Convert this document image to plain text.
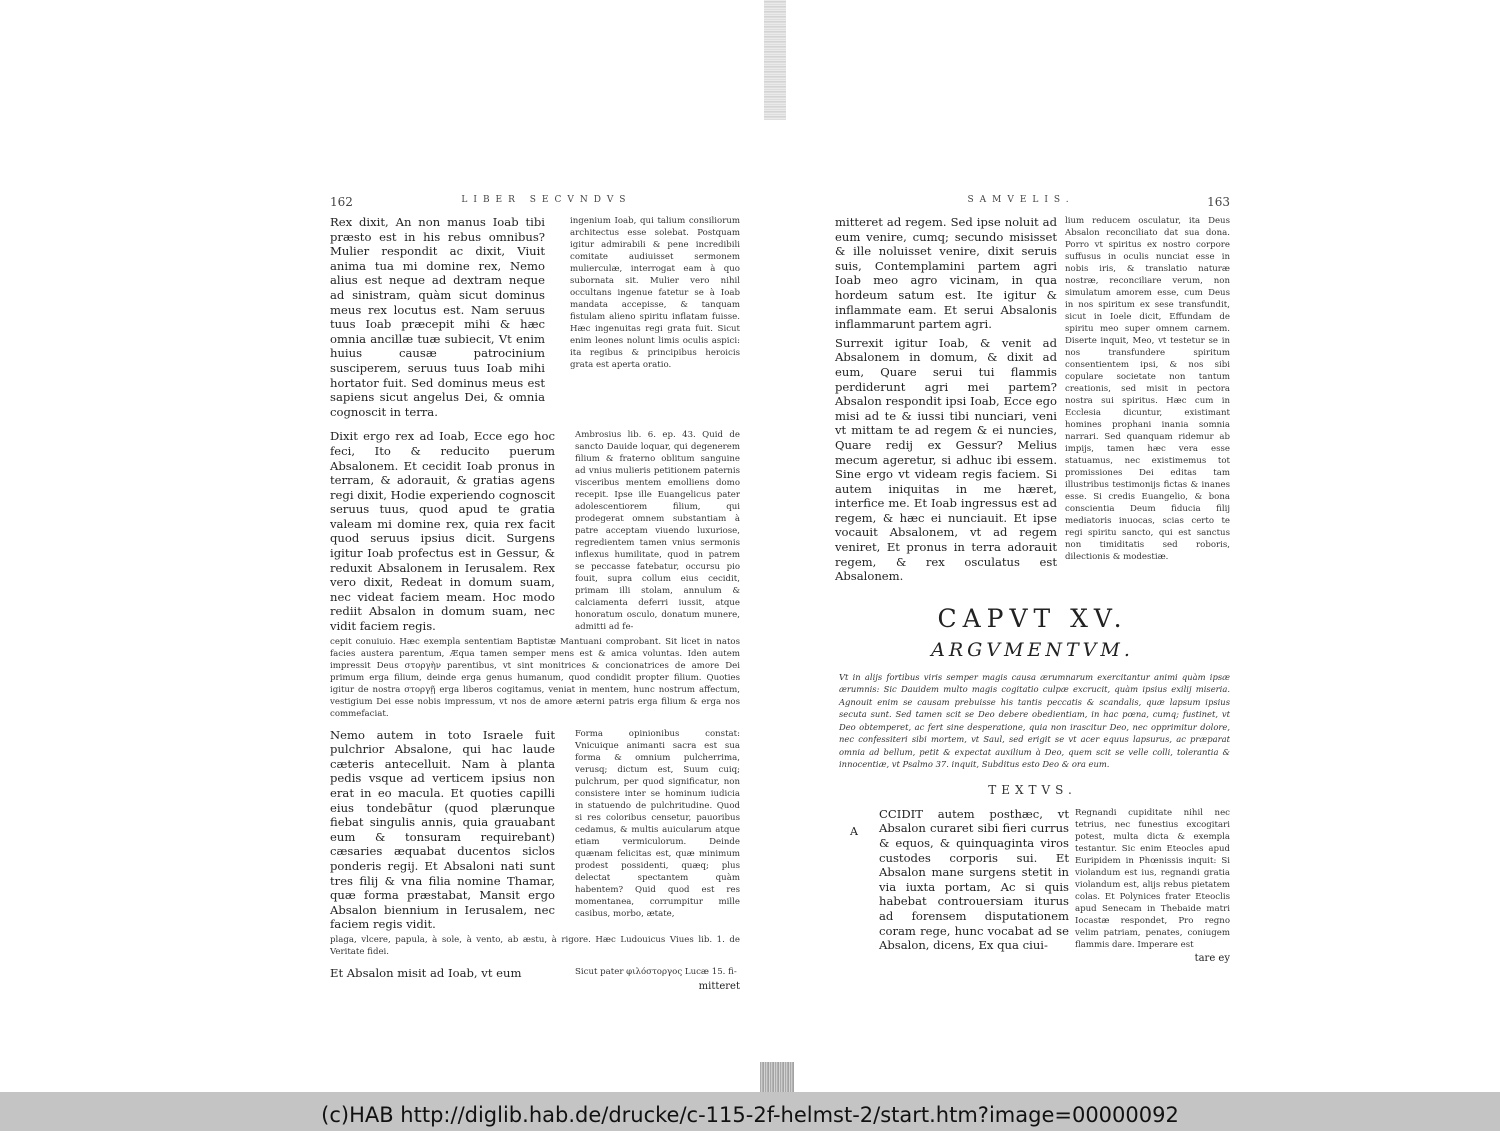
162	LIBER SECVNDVS
Rex dixit, An non manus Ioab tibi præsto est in his rebus omnibus? Mulier respondit ac dixit, Viuit anima tua mi domine rex, Nemo alius est neque ad dextram neque ad sinistram, quàm sicut dominus meus rex locutus est. Nam seruus tuus Ioab præcepit mihi & hæc omnia ancillæ tuæ subiecit, Vt enim huius causæ patrocinium susciperem, seruus tuus Ioab mihi hortator fuit. Sed dominus meus est sapiens sicut angelus Dei, & omnia cognoscit in terra.
ingenium Ioab, qui talium consiliorum architectus esse solebat. Postquam igitur admirabili & pene incredibili comitate audiuisset sermonem mulierculæ, interrogat eam à quo subornata sit. Mulier vero nihil occultans ingenue fatetur se à Ioab mandata accepisse, & tanquam fistulam alieno spiritu inflatam fuisse. Hæc ingenuitas regi grata fuit. Sicut enim leones nolunt limis oculis aspici: ita regibus & principibus heroicis grata est aperta oratio.
Dixit ergo rex ad Ioab, Ecce ego hoc feci, Ito & reducito puerum Absalonem. Et cecidit Ioab pronus in terram, & adorauit, & gratias agens regi dixit, Hodie experiendo cognoscit seruus tuus, quod apud te gratia valeam mi domine rex, quia rex facit quod seruus ipsius dicit. Surgens igitur Ioab profectus est in Gessur, & reduxit Absalonem in Ierusalem. Rex vero dixit, Redeat in domum suam, nec videat faciem meam. Hoc modo rediit Absalon in domum suam, nec vidit faciem regis.
Ambrosius lib. 6. ep. 43. Quid de sancto Dauide loquar, qui degenerem filium & fraterno oblitum sanguine ad vnius mulieris petitionem paternis visceribus mentem emolliens domo recepit. Ipse ille Euangelicus pater adolescentiorem filium, qui prodegerat omnem substantiam à patre acceptam viuendo luxuriose, regredientem tamen vnius sermonis inflexus humilitate, quod in patrem se peccasse fatebatur, occursu pio fouit, supra collum eius cecidit, primam illi stolam, annulum & calciamenta deferri iussit, atque honoratum osculo, donatum munere, admitti ad fe-
cepit conuiuio. Hæc exempla sententiam Baptistæ Mantuani comprobant. Sit licet in natos facies austera parentum, Æqua tamen semper mens est & amica voluntas. Iden autem impressit Deus στοργὴν parentibus, vt sint monitrices & concionatrices de amore Dei primum erga filium, deinde erga genus humanum, quod condidit propter filium. Quoties igitur de nostra στοργῇ erga liberos cogitamus, veniat in mentem, hunc nostrum affectum, vestigium Dei esse nobis impressum, vt nos de amore æterni patris erga filium & erga nos commefaciat.
Nemo autem in toto Israele fuit pulchrior Absalone, qui hac laude cæteris antecelluit. Nam à planta pedis vsque ad verticem ipsius non erat in eo macula. Et quoties capilli eius tondebātur (quod plærunque fiebat singulis annis, quia grauabant eum & tonsuram requirebant) cæsaries æquabat ducentos siclos ponderis regij. Et Absaloni nati sunt tres filij & vna filia nomine Thamar, quæ forma præstabat, Mansit ergo Absalon biennium in Ierusalem, nec faciem regis vidit.
Forma opinionibus constat: Vnicuique animanti sacra est sua forma & omnium pulcherrima, verusq; dictum est, Suum cuiq; pulchrum, per quod significatur, non consistere inter se hominum iudicia in statuendo de pulchritudine. Quod si res coloribus censetur, pauoribus cedamus, & multis auicularum atque etiam vermiculorum. Deinde quænam felicitas est, quæ minimum prodest possidenti, quæq; plus delectat spectantem quàm habentem? Quid quod est res momentanea, corrumpitur mille casibus, morbo, ætate,
plaga, vlcere, papula, à sole, à vento, ab æstu, à rigore. Hæc Ludouicus Viues lib. 1. de Veritate fidei.
Et Absalon misit ad Ioab, vt eum	Sicut pater φιλόστοργος Lucæ 15. fi-
mitteret
SAMVELIS.	163
mitteret ad regem. Sed ipse noluit ad eum venire, cumq; secundo misisset & ille noluisset venire, dixit seruis suis, Contemplamini partem agri Ioab meo agro vicinam, in qua hordeum satum est. Ite igitur & inflammate eam. Et serui Absalonis inflammarunt partem agri.
Surrexit igitur Ioab, & venit ad Absalonem in domum, & dixit ad eum, Quare serui tui flammis perdiderunt agri mei partem? Absalon respondit ipsi Ioab, Ecce ego misi ad te & iussi tibi nunciari, veni vt mittam te ad regem & ei nuncies, Quare redij ex Gessur? Melius mecum ageretur, si adhuc ibi essem. Sine ergo vt videam regis faciem. Si autem iniquitas in me hæret, interfice me. Et Ioab ingressus est ad regem, & hæc ei nunciauit. Et ipse vocauit Absalonem, vt ad regem veniret, Et pronus in terra adorauit regem, & rex osculatus est Absalonem.
lium reducem osculatur, ita Deus Absalon reconciliato dat sua dona. Porro vt spiritus ex nostro corpore suffusus in oculis nunciat esse in nobis iris, & translatio naturæ nostræ, reconciliare verum, non simulatum amorem esse, cum Deus in nos spiritum ex sese transfundit, sicut in Ioele dicit, Effundam de spiritu meo super omnem carnem. Diserte inquit, Meo, vt testetur se in nos transfundere spiritum consentientem ipsi, & nos sibi copulare societate non tantum creationis, sed misit in pectora nostra sui spiritus. Hæc cum in Ecclesia dicuntur, existimant homines prophani inania somnia narrari. Sed quanquam ridemur ab impijs, tamen hæc vera esse statuamus, nec existimemus tot promissiones Dei editas tam illustribus testimonijs fictas & inanes esse. Si credis Euangelio, & bona conscientia Deum fiducia filij mediatoris inuocas, scias certo te regi spiritu sancto, qui est sanctus non timiditatis sed roboris, dilectionis & modestiæ.
CAPVT XV.
ARGVMENTVM.
Vt in alijs fortibus viris semper magis causa ærumnarum exercitantur animi quàm ipsæ ærumnis: Sic Dauidem multo magis cogitatio culpæ excrucit, quàm ipsius exilij miseria. Agnouit enim se causam prebuisse his tantis peccatis & scandalis, quæ lapsum ipsius secuta sunt. Sed tamen scit se Deo debere obedientiam, in hac pœna, cumq; fustinet, vt Deo obtemperet, ac fert sine desperatione, quia non irascitur Deo, nec opprimitur dolore, nec confessiteri sibi mortem, vt Saul, sed erigit se vt acer equus lapsurus, ac præparat omnia ad bellum, petit & expectat auxilium à Deo, quem scit se velle colli, tolerantia & innocentiæ, vt Psalmo 37. inquit, Subditus esto Deo & ora eum.
TEXTVS.
A
CCIDIT autem posthæc, vt Absalon curaret sibi fieri currus & equos, & quinquaginta viros custodes corporis sui. Et Absalon mane surgens stetit in via iuxta portam, Ac si quis habebat controuersiam iturus ad forensem disputationem coram rege, hunc vocabat ad se Absalon, dicens, Ex qua ciui-
Regnandi cupiditate nihil nec tetrius, nec funestius excogitari potest, multa dicta & exempla testantur. Sic enim Eteocles apud Euripidem in Phœnissis inquit: Si violandum est ius, regnandi gratia violandum est, alijs rebus pietatem colas. Et Polynices frater Eteoclis apud Senecam in Thebaide matri Iocastæ respondet, Pro regno velim patriam, penates, coniugem flammis dare. Imperare est
tare ey
(c)HAB http://diglib.hab.de/drucke/c-115-2f-helmst-2/start.htm?image=00000092
